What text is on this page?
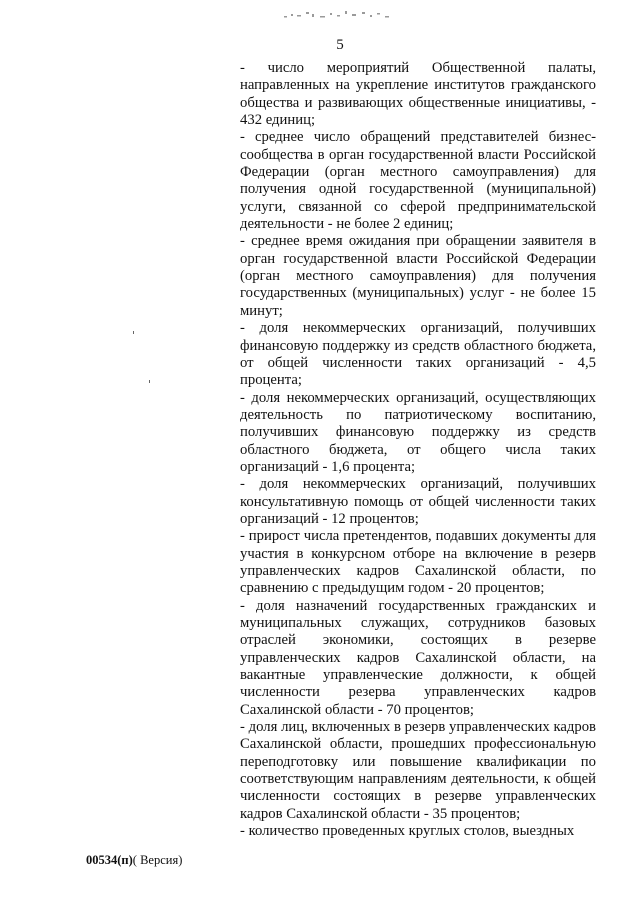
5

- число мероприятий Общественной палаты, направленных на укрепление институтов гражданского общества и развивающих общественные инициативы, - 432 единиц;

- среднее число обращений представителей бизнес-сообщества в орган государственной власти Российской Федерации (орган местного самоуправления) для получения одной государственной (муниципальной) услуги, связанной со сферой предпринимательской деятельности - не более 2 единиц;

- среднее время ожидания при обращении заявителя в орган государственной власти Российской Федерации (орган местного самоуправления) для получения государственных (муниципальных) услуг - не более 15 минут;

- доля некоммерческих организаций, получивших финансовую поддержку из средств областного бюджета, от общей численности таких организаций - 4,5 процента;

- доля некоммерческих организаций, осуществляющих деятельность по патриотическому воспитанию, получивших финансовую поддержку из средств областного бюджета, от общего числа таких организаций - 1,6 процента;

- доля некоммерческих организаций, получивших консультативную помощь от общей численности таких организаций - 12 процентов;

- прирост числа претендентов, подавших документы для участия в конкурсном отборе на включение в резерв управленческих кадров Сахалинской области, по сравнению с предыдущим годом - 20 процентов;

- доля назначений государственных гражданских и муниципальных служащих, сотрудников базовых отраслей экономики, состоящих в резерве управленческих кадров Сахалинской области, на вакантные управленческие должности, к общей численности резерва управленческих кадров Сахалинской области - 70 процентов;

- доля лиц, включенных в резерв управленческих кадров Сахалинской области, прошедших профессиональную переподготовку или повышение квалификации по соответствующим направлениям деятельности, к общей численности состоящих в резерве управленческих кадров Сахалинской области - 35 процентов;

- количество проведенных круглых столов, выездных

00534(п)( Версия)
